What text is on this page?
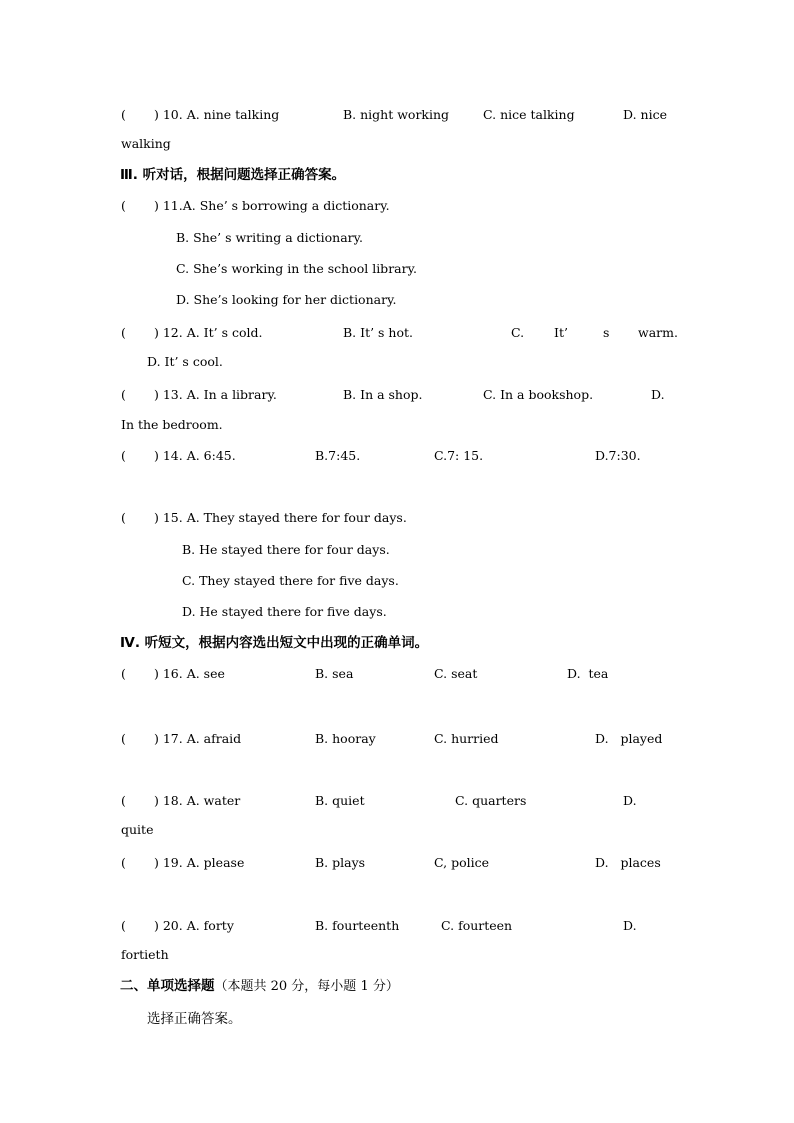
( ) 10. A. nine talking	B. night working	C. nice talking	D. nice
walking
Ⅲ. 听对话，根据问题选择正确答案。
( ) 11.A. She’ s borrowing a dictionary.
B. She’ s writing a dictionary.
C. She’s working in the school library.
D. She’s looking for her dictionary.
( ) 12. A. It’ s cold.	B. It’ s hot.	C. It’	s warm.
D. It’ s cool.
( ) 13. A. In a library.	B. In a shop.	C. In a bookshop.	D.
In the bedroom.
( ) 14. A. 6:45.	B.7:45.	C.7: 15.	D.7:30.
( ) 15. A. They stayed there for four days.
B. He stayed there for four days.
C. They stayed there for five days.
D. He stayed there for five days.
Ⅳ. 听短文，根据内容选出短文中出现的正确单词。
( ) 16. A. see	B. sea	C. seat	D.  tea
( ) 17. A. afraid	B. hooray	C. hurried	D.   played
( ) 18. A. water	B. quiet	C. quarters	D.
quite
( ) 19. A. please	B. plays	C, police	D.   places
( ) 20. A. forty	B. fourteenth	C. fourteen	D.
fortieth
二、单项选择题（本题共 20 分，每小题 1 分）
选择正确答案。
